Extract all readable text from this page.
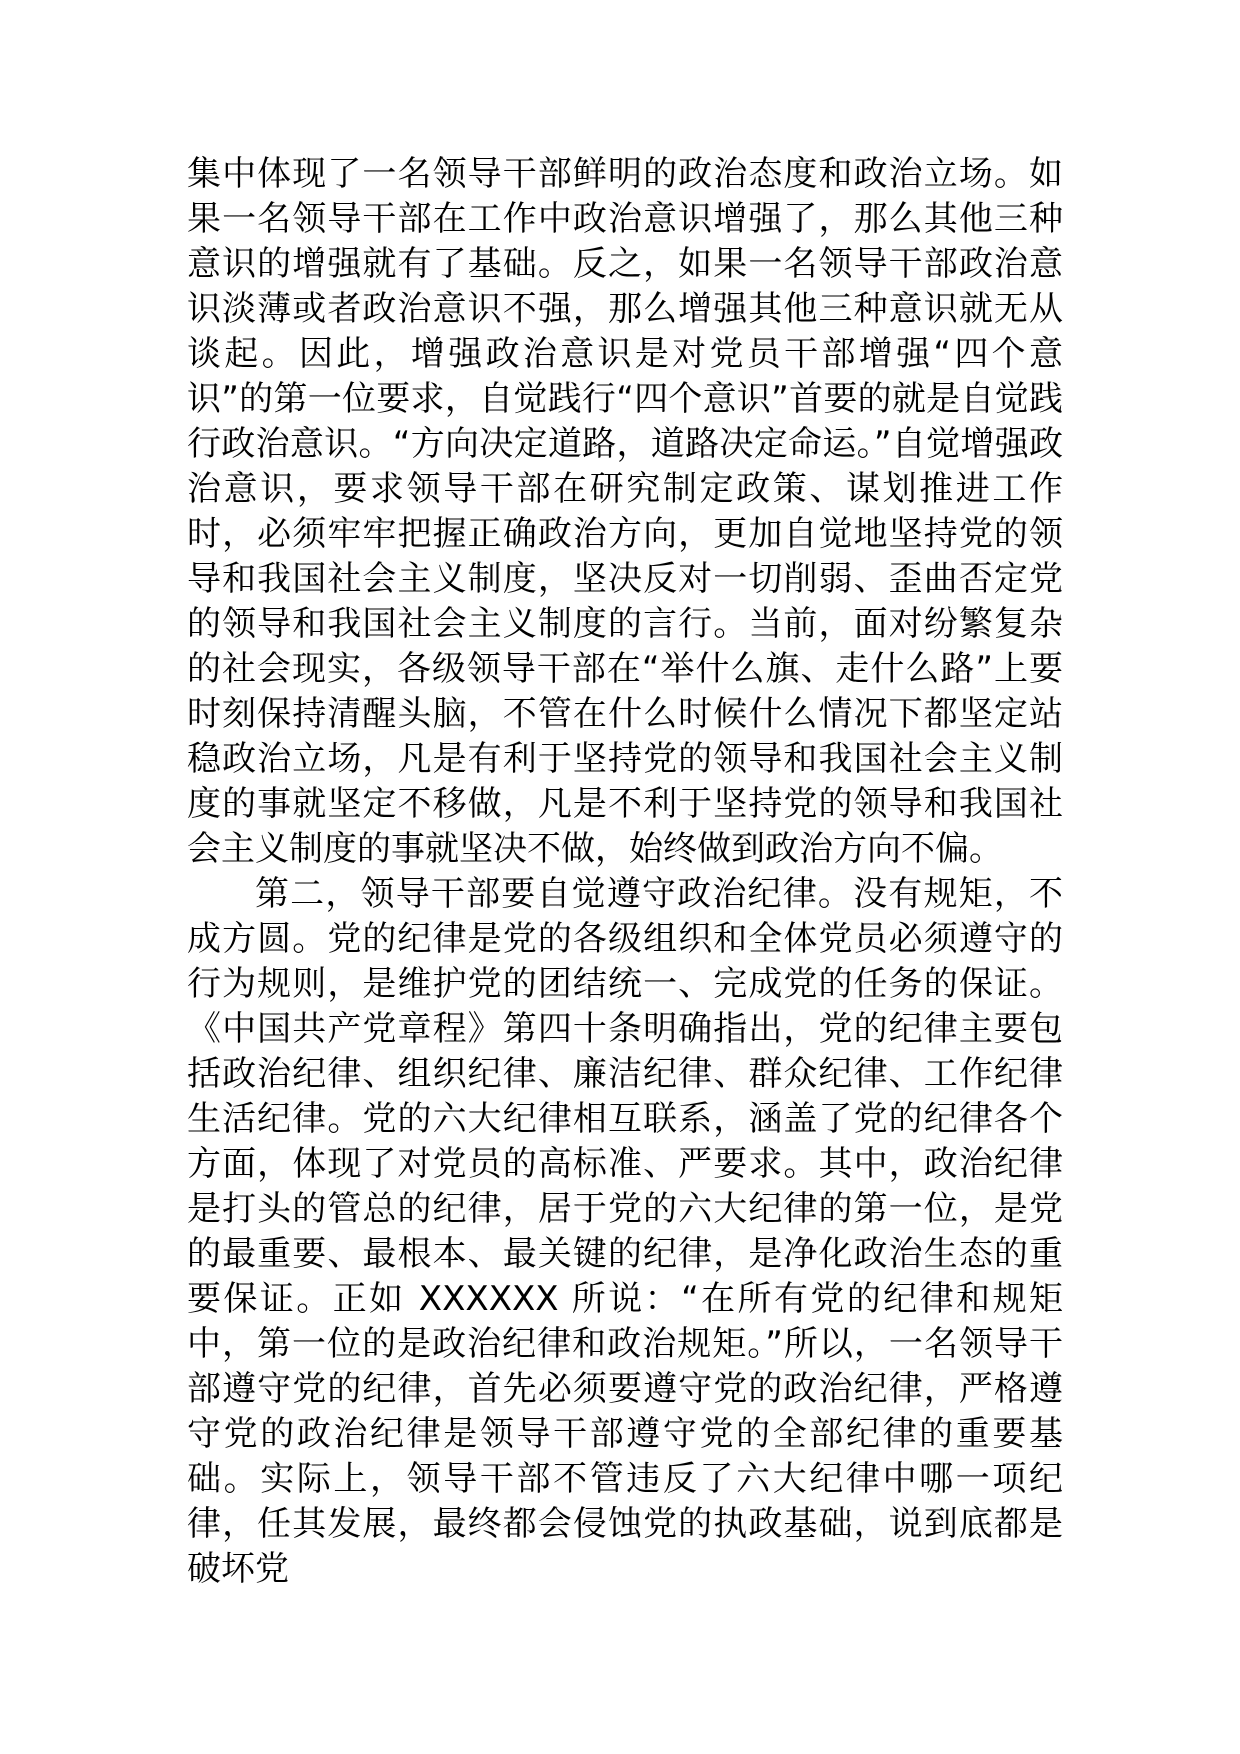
集中体现了一名领导干部鲜明的政治态度和政治立场。如果一名领导干部在工作中政治意识增强了，那么其他三种意识的增强就有了基础。反之，如果一名领导干部政治意识淡薄或者政治意识不强，那么增强其他三种意识就无从谈起。因此，增强政治意识是对党员干部增强“四个意识”的第一位要求，自觉践行“四个意识”首要的就是自觉践行政治意识。“方向决定道路，道路决定命运。”自觉增强政治意识，要求领导干部在研究制定政策、谋划推进工作时，必须牢牢把握正确政治方向，更加自觉地坚持党的领导和我国社会主义制度，坚决反对一切削弱、歪曲否定党的领导和我国社会主义制度的言行。当前，面对纷繁复杂的社会现实，各级领导干部在“举什么旗、走什么路”上要时刻保持清醒头脑，不管在什么时候什么情况下都坚定站稳政治立场，凡是有利于坚持党的领导和我国社会主义制度的事就坚定不移做，凡是不利于坚持党的领导和我国社会主义制度的事就坚决不做，始终做到政治方向不偏。

第二，领导干部要自觉遵守政治纪律。没有规矩，不成方圆。党的纪律是党的各级组织和全体党员必须遵守的行为规则，是维护党的团结统一、完成党的任务的保证。《中国共产党章程》第四十条明确指出，党的纪律主要包括政治纪律、组织纪律、廉洁纪律、群众纪律、工作纪律生活纪律。党的六大纪律相互联系，涵盖了党的纪律各个方面，体现了对党员的高标准、严要求。其中，政治纪律是打头的管总的纪律，居于党的六大纪律的第一位，是党的最重要、最根本、最关键的纪律，是净化政治生态的重要保证。正如 XXXXXX 所说：“在所有党的纪律和规矩中，第一位的是政治纪律和政治规矩。”所以，一名领导干部遵守党的纪律，首先必须要遵守党的政治纪律，严格遵守党的政治纪律是领导干部遵守党的全部纪律的重要基础。实际上，领导干部不管违反了六大纪律中哪一项纪律，任其发展，最终都会侵蚀党的执政基础，说到底都是破坏党
